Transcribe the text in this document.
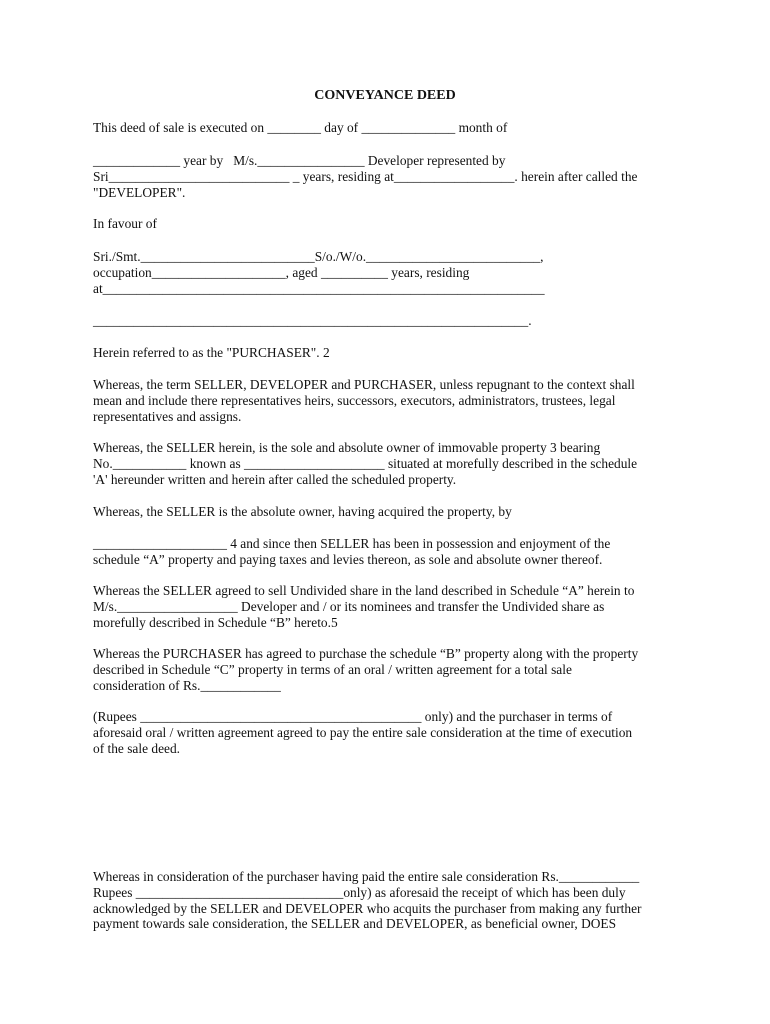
CONVEYANCE DEED
This deed of sale is executed on ________ day of ______________ month of
_____________ year by   M/s.________________ Developer represented by
Sri___________________________ _ years, residing at__________________. herein after called the
"DEVELOPER".
In favour of
Sri./Smt.__________________________S/o./W/o.__________________________,
occupation____________________, aged __________ years, residing
at__________________________________________________________________
_________________________________________________________________.
Herein referred to as the "PURCHASER". 2
Whereas, the term SELLER, DEVELOPER and PURCHASER, unless repugnant to the context shall
mean and include there representatives heirs, successors, executors, administrators, trustees, legal
representatives and assigns.
Whereas, the SELLER herein, is the sole and absolute owner of immovable property 3 bearing
No.___________ known as _____________________ situated at morefully described in the schedule
'A' hereunder written and herein after called the scheduled property.
Whereas, the SELLER is the absolute owner, having acquired the property, by
____________________ 4 and since then SELLER has been in possession and enjoyment of the
schedule “A” property and paying taxes and levies thereon, as sole and absolute owner thereof.
Whereas the SELLER agreed to sell Undivided share in the land described in Schedule “A” herein to
M/s.__________________ Developer and / or its nominees and transfer the Undivided share as
morefully described in Schedule “B” hereto.5
Whereas the PURCHASER has agreed to purchase the schedule “B” property along with the property
described in Schedule “C” property in terms of an oral / written agreement for a total sale
consideration of Rs.____________
(Rupees __________________________________________ only) and the purchaser in terms of
aforesaid oral / written agreement agreed to pay the entire sale consideration at the time of execution
of the sale deed.
Whereas in consideration of the purchaser having paid the entire sale consideration Rs.____________
Rupees _______________________________only) as aforesaid the receipt of which has been duly
acknowledged by the SELLER and DEVELOPER who acquits the purchaser from making any further
payment towards sale consideration, the SELLER and DEVELOPER, as beneficial owner, DOES
